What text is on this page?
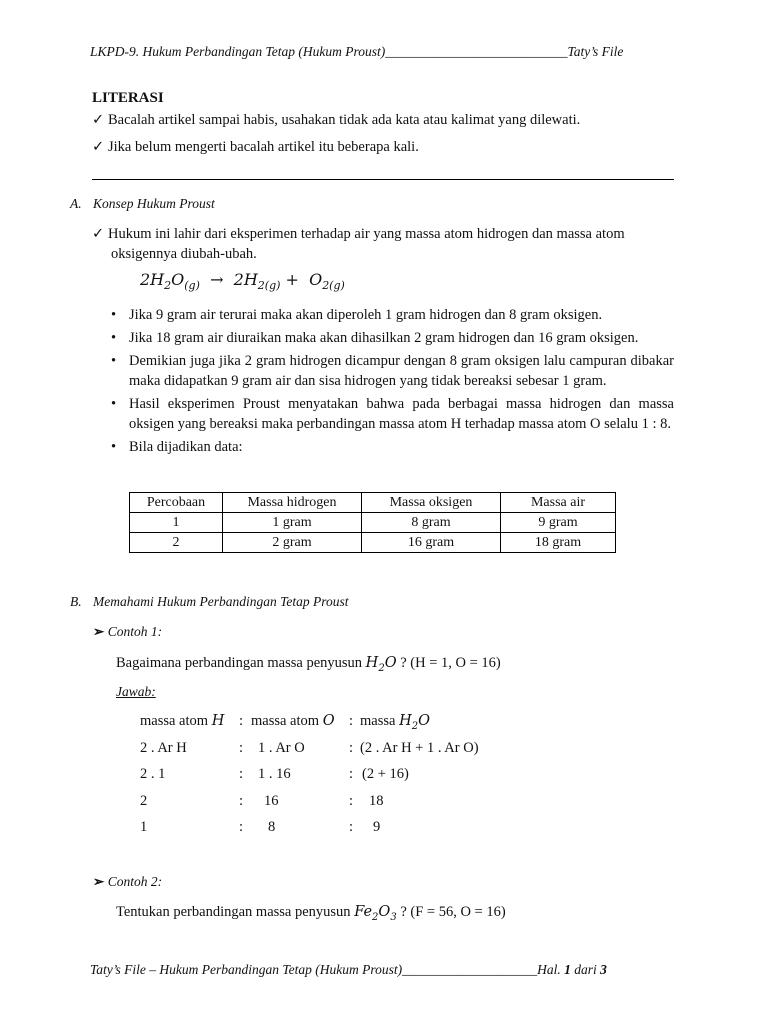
LKPD-9. Hukum Perbandingan Tetap (Hukum Proust)___________________________Taty’s File
LITERASI
✓ Bacalah artikel sampai habis, usahakan tidak ada kata atau kalimat yang dilewati.
✓ Jika belum mengerti bacalah artikel itu beberapa kali.
A. Konsep Hukum Proust
✓ Hukum ini lahir dari eksperimen terhadap air yang massa atom hidrogen dan massa atom
oksigennya diubah-ubah.
$2H_2O_{(g)} \to 2H_{2(g)} + O_{2(g)}$
• Jika 9 gram air terurai maka akan diperoleh 1 gram hidrogen dan 8 gram oksigen.
• Jika 18 gram air diuraikan maka akan dihasilkan 2 gram hidrogen dan 16 gram oksigen.
• Demikian juga jika 2 gram hidrogen dicampur dengan 8 gram oksigen lalu campuran dibakar maka didapatkan 9 gram air dan sisa hidrogen yang tidak bereaksi sebesar 1 gram.
• Hasil eksperimen Proust menyatakan bahwa pada berbagai massa hidrogen dan massa oksigen yang bereaksi maka perbandingan massa atom H terhadap massa atom O selalu 1 : 8.
• Bila dijadikan data:
Percobaan	Massa hidrogen	Massa oksigen	Massa air
1	1 gram	8 gram	9 gram
2	2 gram	16 gram	18 gram
B. Memahami Hukum Perbandingan Tetap Proust
➢ Contoh 1:
Bagaimana perbandingan massa penyusun $H_2O$ ? (H = 1, O = 16)
Jawab:
massa atom H : massa atom O : massa $H_2O$
2 . Ar H	: 1 . Ar O	: (2 . Ar H + 1 . Ar O)
2 . 1	: 1 . 16	: (2 + 16)
2	: 16	: 18
1	: 8	: 9
➢ Contoh 2:
Tentukan perbandingan massa penyusun $Fe_2O_3$ ? (F = 56, O = 16)
Taty’s File – Hukum Perbandingan Tetap (Hukum Proust)____________________Hal. 1 dari 3
